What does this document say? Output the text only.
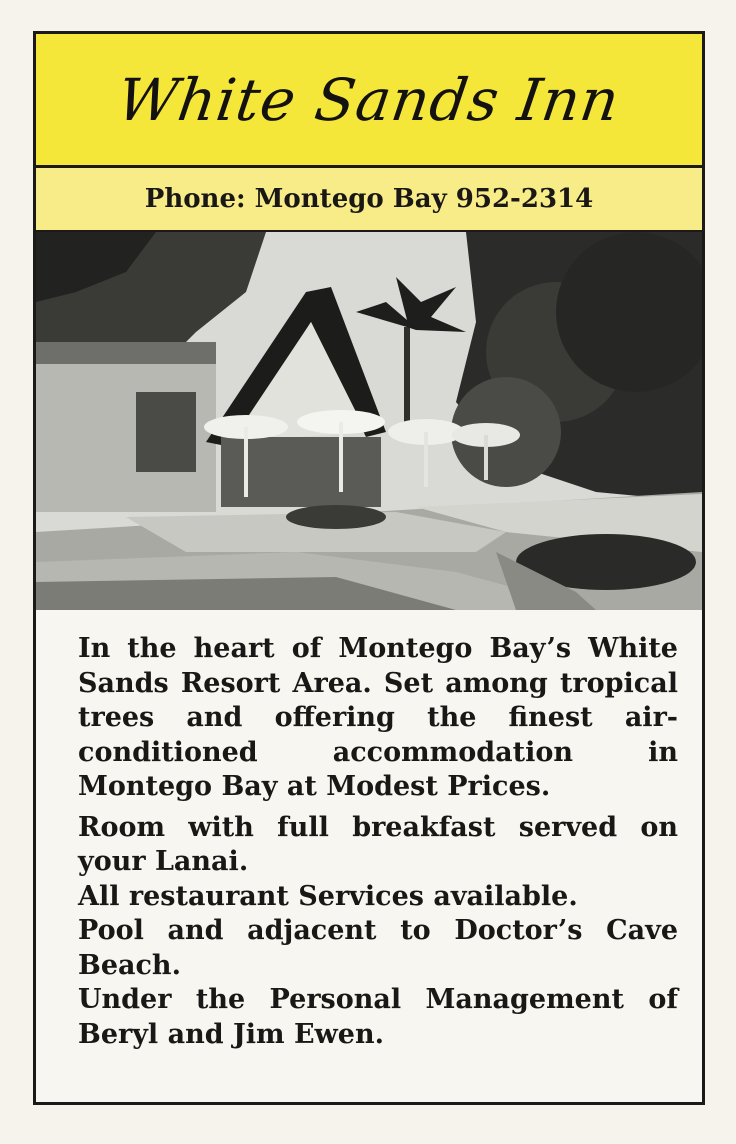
White Sands Inn
Phone: Montego Bay 952-2314

In the heart of Montego Bay’s White Sands Resort Area. Set among tropical trees and offering the finest air-conditioned accommodation in Montego Bay at Modest Prices.

Room with full breakfast served on your Lanai.

All restaurant Services available.

Pool and adjacent to Doctor’s Cave Beach.

Under the Personal Management of Beryl and Jim Ewen.
